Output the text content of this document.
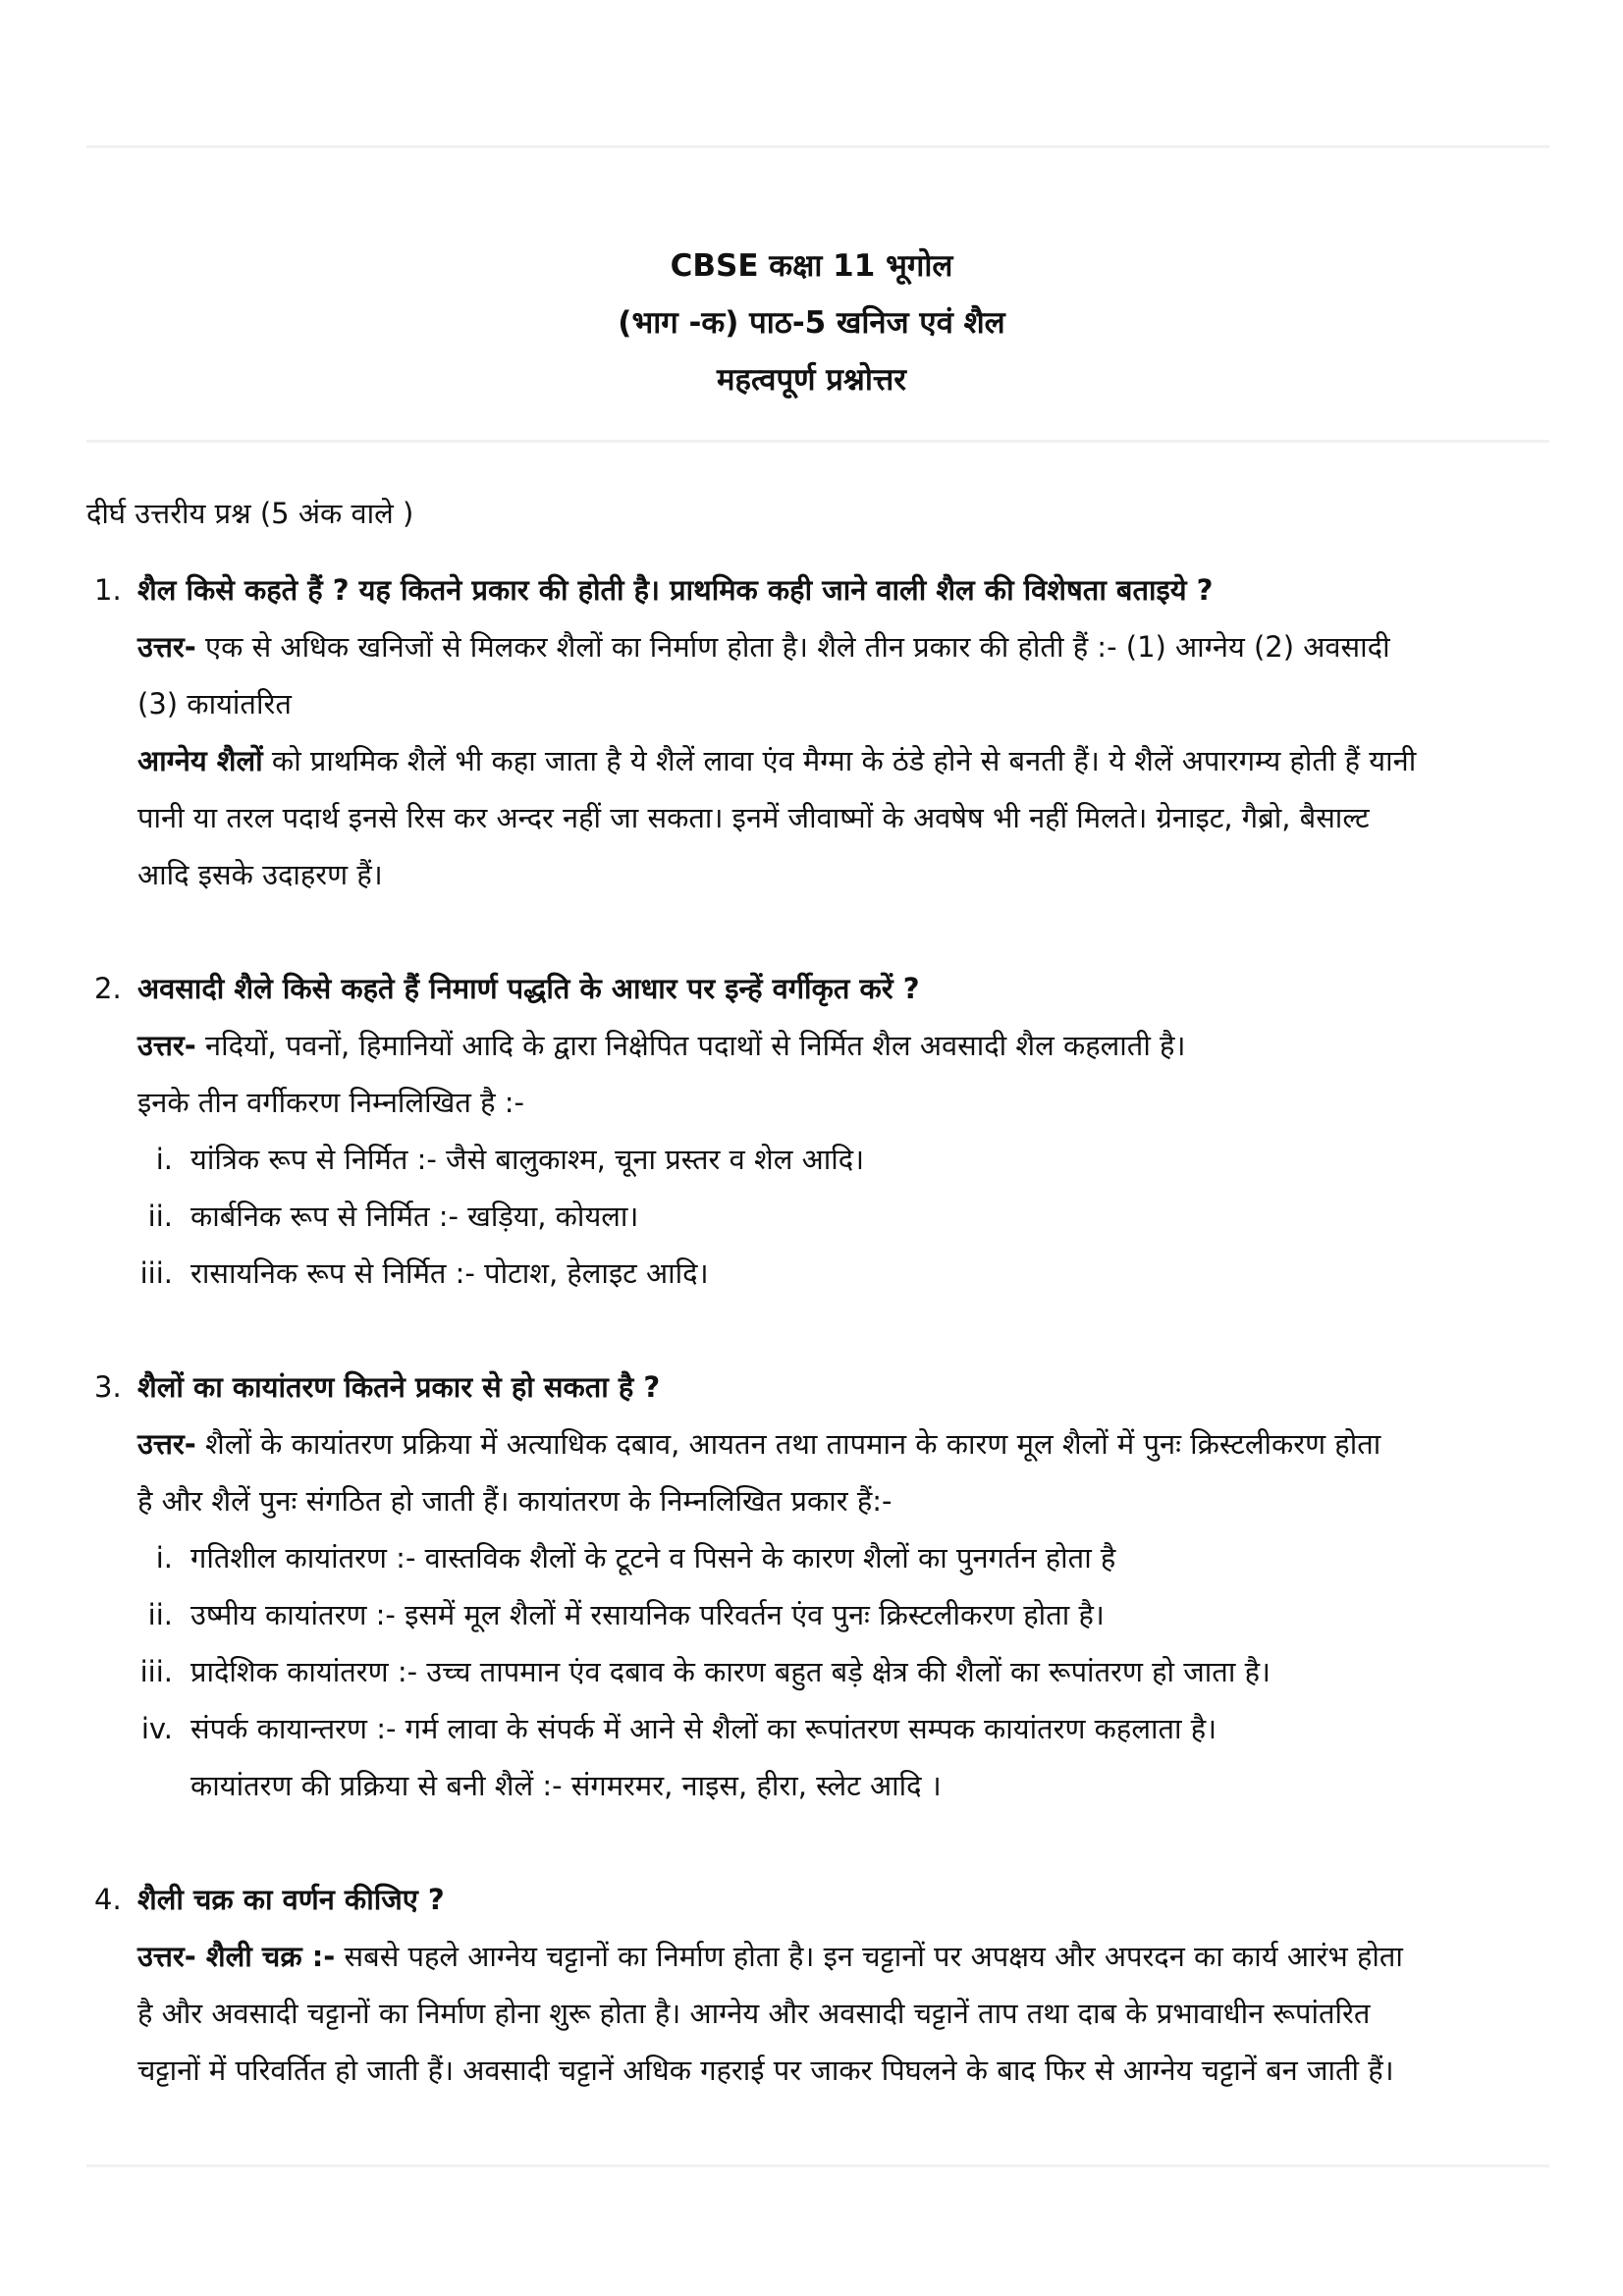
CBSE कक्षा 11 भूगोल
(भाग -क) पाठ-5 खनिज एवं शैल
महत्वपूर्ण प्रश्नोत्तर
दीर्घ उत्तरीय प्रश्न (5 अंक वाले )
1. शैल किसे कहते हैं ? यह कितने प्रकार की होती है। प्राथमिक कही जाने वाली शैल की विशेषता बताइये ?

उत्तर- एक से अधिक खनिजों से मिलकर शैलों का निर्माण होता है। शैले तीन प्रकार की होती हैं :- (1) आग्नेय (2) अवसादी

(3) कायांतरित

आग्नेय शैलों को प्राथमिक शैलें भी कहा जाता है ये शैलें लावा एंव मैग्मा के ठंडे होने से बनती हैं। ये शैलें अपारगम्य होती हैं यानी

पानी या तरल पदार्थ इनसे रिस कर अन्दर नहीं जा सकता। इनमें जीवाष्मों के अवषेष भी नहीं मिलते। ग्रेनाइट, गैब्रो, बैसाल्ट

आदि इसके उदाहरण हैं।

2. अवसादी शैले किसे कहते हैं निमार्ण पद्धति के आधार पर इन्हें वर्गीकृत करें ?

उत्तर- नदियों, पवनों, हिमानियों आदि के द्वारा निक्षेपित पदाथों से निर्मित शैल अवसादी शैल कहलाती है।

इनके तीन वर्गीकरण निम्नलिखित है :-

i. यांत्रिक रूप से निर्मित :- जैसे बालुकाश्म, चूना प्रस्तर व शेल आदि।
ii. कार्बनिक रूप से निर्मित :- खड़िया, कोयला।
iii. रासायनिक रूप से निर्मित :- पोटाश, हेलाइट आदि।
3. शैलों का कायांतरण कितने प्रकार से हो सकता है ?

उत्तर- शैलों के कायांतरण प्रक्रिया में अत्याधिक दबाव, आयतन तथा तापमान के कारण मूल शैलों में पुनः क्रिस्टलीकरण होता

है और शैलें पुनः संगठित हो जाती हैं। कायांतरण के निम्नलिखित प्रकार हैं:-

i. गतिशील कायांतरण :- वास्तविक शैलों के टूटने व पिसने के कारण शैलों का पुनगर्तन होता है
ii. उष्मीय कायांतरण :- इसमें मूल शैलों में रसायनिक परिवर्तन एंव पुनः क्रिस्टलीकरण होता है।
iii. प्रादेशिक कायांतरण :- उच्च तापमान एंव दबाव के कारण बहुत बड़े क्षेत्र की शैलों का रूपांतरण हो जाता है।
iv. संपर्क कायान्तरण :- गर्म लावा के संपर्क में आने से शैलों का रूपांतरण सम्पक कायांतरण कहलाता है।
कायांतरण की प्रक्रिया से बनी शैलें :- संगमरमर, नाइस, हीरा, स्लेट आदि ।
4. शैली चक्र का वर्णन कीजिए ?

उत्तर- शैली चक्र :- सबसे पहले आग्नेय चट्टानों का निर्माण होता है। इन चट्टानों पर अपक्षय और अपरदन का कार्य आरंभ होता

है और अवसादी चट्टानों का निर्माण होना शुरू होता है। आग्नेय और अवसादी चट्टानें ताप तथा दाब के प्रभावाधीन रूपांतरित

चट्टानों में परिवर्तित हो जाती हैं। अवसादी चट्टानें अधिक गहराई पर जाकर पिघलने के बाद फिर से आग्नेय चट्टानें बन जाती हैं।
